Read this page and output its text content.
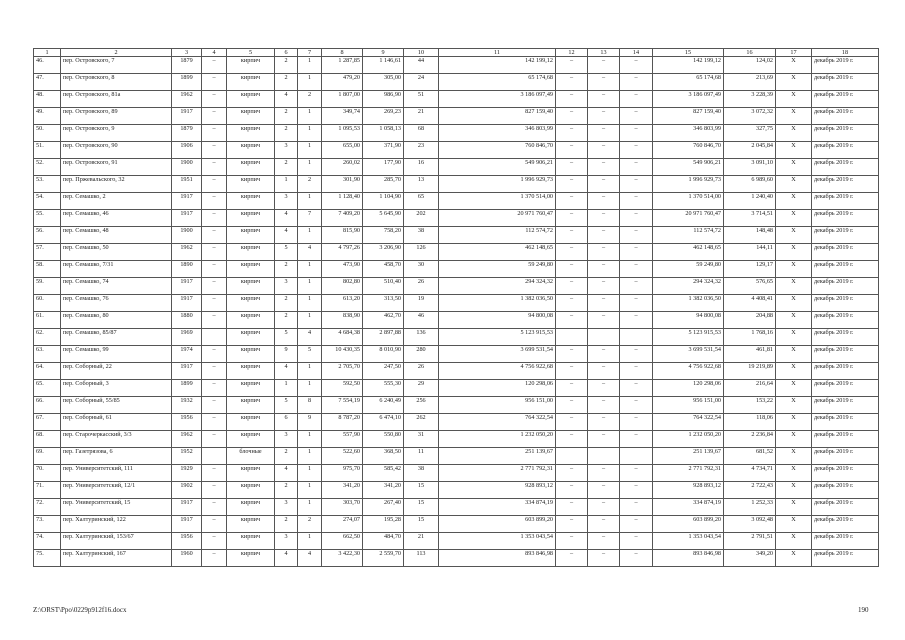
1	2	3	4	5	6	7	8	9	10	11	12	13	14	15	16	17	18
46.	пер. Островского, 7	1879	–	кирпич	2	1	1 287,85	1 146,61	44	142 199,12	–	–	–	142 199,12	124,02	X	декабрь 2019 г.
47.	пер. Островского, 8	1899	–	кирпич	2	1	479,20	305,00	24	65 174,68	–	–	–	65 174,68	213,69	X	декабрь 2019 г.
48.	пер. Островского, 81а	1962	–	кирпич	4	2	1 807,00	986,90	51	3 186 097,49	–	–	–	3 186 097,49	3 228,39	X	декабрь 2019 г.
49.	пер. Островского, 89	1917	–	кирпич	2	1	349,74	269,23	21	827 159,40	–	–	–	827 159,40	3 072,32	X	декабрь 2019 г.
50.	пер. Островского, 9	1879	–	кирпич	2	1	1 095,53	1 058,13	68	346 803,99	–	–	–	346 803,99	327,75	X	декабрь 2019 г.
51.	пер. Островского, 90	1906	–	кирпич	3	1	655,00	371,90	23	760 846,70	–	–	–	760 846,70	2 045,84	X	декабрь 2019 г.
52.	пер. Островского, 91	1900	–	кирпич	2	1	260,02	177,90	16	549 906,21	–	–	–	549 906,21	3 091,10	X	декабрь 2019 г.
53.	пер. Пржевальского, 32	1951	–	кирпич	1	2	301,90	285,70	13	1 996 929,73	–	–	–	1 996 929,73	6 989,60	X	декабрь 2019 г.
54.	пер. Семашко, 2	1917	–	кирпич	3	1	1 128,40	1 104,90	65	1 370 514,00	–	–	–	1 370 514,00	1 240,40	X	декабрь 2019 г.
55.	пер. Семашко, 46	1917	–	кирпич	4	7	7 409,20	5 645,90	202	20 971 760,47	–	–	–	20 971 760,47	3 714,51	X	декабрь 2019 г.
56.	пер. Семашко, 48	1900	–	кирпич	4	1	815,90	758,20	38	112 574,72	–	–	–	112 574,72	148,48	X	декабрь 2019 г.
57.	пер. Семашко, 50	1962	–	кирпич	5	4	4 797,26	3 206,90	126	462 148,65	–	–	–	462 148,65	144,11	X	декабрь 2019 г.
58.	пер. Семашко, 7/31	1890	–	кирпич	2	1	473,90	458,70	30	59 249,80	–	–	–	59 249,80	129,17	X	декабрь 2019 г.
59.	пер. Семашко, 74	1917	–	кирпич	3	1	802,80	510,40	26	294 324,32	–	–	–	294 324,32	576,65	X	декабрь 2019 г.
60.	пер. Семашко, 76	1917	–	кирпич	2	1	613,20	313,50	19	1 382 036,50	–	–	–	1 382 036,50	4 408,41	X	декабрь 2019 г.
61.	пер. Семашко, 80	1880	–	кирпич	2	1	838,90	462,70	46	94 800,08	–	–	–	94 800,08	204,88	X	декабрь 2019 г.
62.	пер. Семашко, 85/87	1969		кирпич	5	4	4 684,38	2 897,88	136	5 123 915,53				5 123 915,53	1 768,16	X	декабрь 2019 г.
63.	пер. Семашко, 99	1974	–	кирпич	9	5	10 430,35	8 010,90	280	3 699 531,54	–	–	–	3 699 531,54	461,81	X	декабрь 2019 г.
64.	пер. Соборный, 22	1917	–	кирпич	4	1	2 705,70	247,50	26	4 756 922,68	–	–	–	4 756 922,68	19 219,89	X	декабрь 2019 г.
65.	пер. Соборный, 3	1899	–	кирпич	1	1	592,50	555,30	29	120 298,06	–	–	–	120 298,06	216,64	X	декабрь 2019 г.
66.	пер. Соборный, 55/85	1932	–	кирпич	5	8	7 554,19	6 240,49	256	956 151,00	–	–	–	956 151,00	153,22	X	декабрь 2019 г.
67.	пер. Соборный, 61	1956	–	кирпич	6	9	8 787,20	6 474,10	262	764 322,54	–	–	–	764 322,54	118,06	X	декабрь 2019 г.
68.	пер. Старочеркасский, 3/3	1962	–	кирпич	3	1	557,90	550,80	31	1 232 050,20	–	–	–	1 232 050,20	2 236,84	X	декабрь 2019 г.
69.	пер. Газетрязова, 6	1952		блочные	2	1	522,60	368,50	11	251 139,67				251 139,67	681,52	X	декабрь 2019 г.
70.	пер. Университетский, 111	1929	–	кирпич	4	1	975,70	585,42	38	2 771 792,31	–	–	–	2 771 792,31	4 734,71	X	декабрь 2019 г.
71.	пер. Университетский, 12/1	1902	–	кирпич	2	1	341,20	341,20	15	928 893,12	–	–	–	928 893,12	2 722,43	X	декабрь 2019 г.
72.	пер. Университетский, 15	1917	–	кирпич	3	1	303,70	267,40	15	334 874,19	–	–	–	334 874,19	1 252,33	X	декабрь 2019 г.
73.	пер. Халтуринский, 122	1917	–	кирпич	2	2	274,07	195,28	15	603 899,20	–	–	–	603 899,20	3 092,48	X	декабрь 2019 г.
74.	пер. Халтуринский, 153/67	1956	–	кирпич	3	1	662,50	484,70	21	1 353 043,54	–	–	–	1 353 043,54	2 791,51	X	декабрь 2019 г.
75.	пер. Халтуринский, 167	1960	–	кирпич	4	4	3 422,30	2 559,70	113	893 846,98	–	–	–	893 846,98	349,20	X	декабрь 2019 г.
Z:\ORST\Ppo\0229p912f16.docx	190
